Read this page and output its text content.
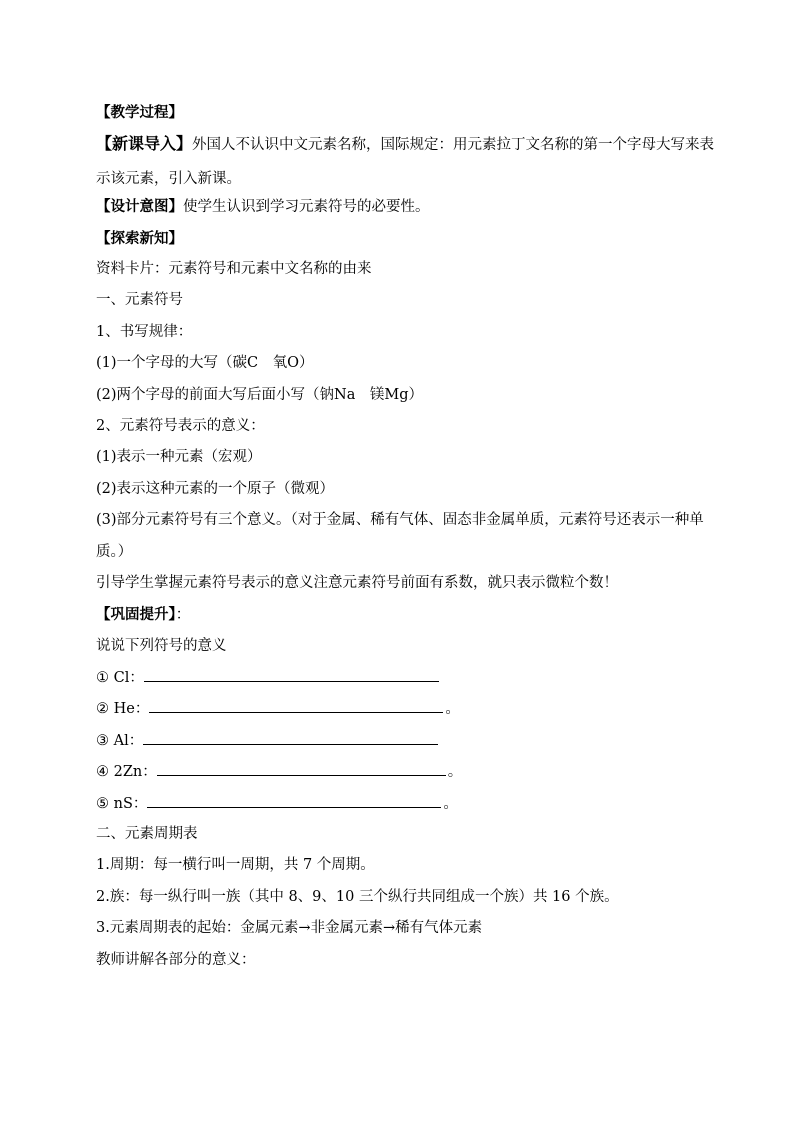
【教学过程】
【新课导入】外国人不认识中文元素名称，国际规定：用元素拉丁文名称的第一个字母大写来表示该元素，引入新课。
【设计意图】使学生认识到学习元素符号的必要性。
【探索新知】
资料卡片：元素符号和元素中文名称的由来
一、元素符号
1、书写规律：
(1)一个字母的大写（碳C　氧O）
(2)两个字母的前面大写后面小写（钠Na　镁Mg）
2、元素符号表示的意义：
(1)表示一种元素（宏观）
(2)表示这种元素的一个原子（微观）
(3)部分元素符号有三个意义。（对于金属、稀有气体、固态非金属单质，元素符号还表示一种单质。）
引导学生掌握元素符号表示的意义注意元素符号前面有系数，就只表示微粒个数！
【巩固提升】：
说说下列符号的意义
① Cl：
② He：	。
③ Al：
④ 2Zn：	。
⑤ nS：	。
二、元素周期表
1.周期：每一横行叫一周期，共 7 个周期。
2.族：每一纵行叫一族（其中 8、9、10 三个纵行共同组成一个族）共 16 个族。
3.元素周期表的起始：金属元素→非金属元素→稀有气体元素
教师讲解各部分的意义：
